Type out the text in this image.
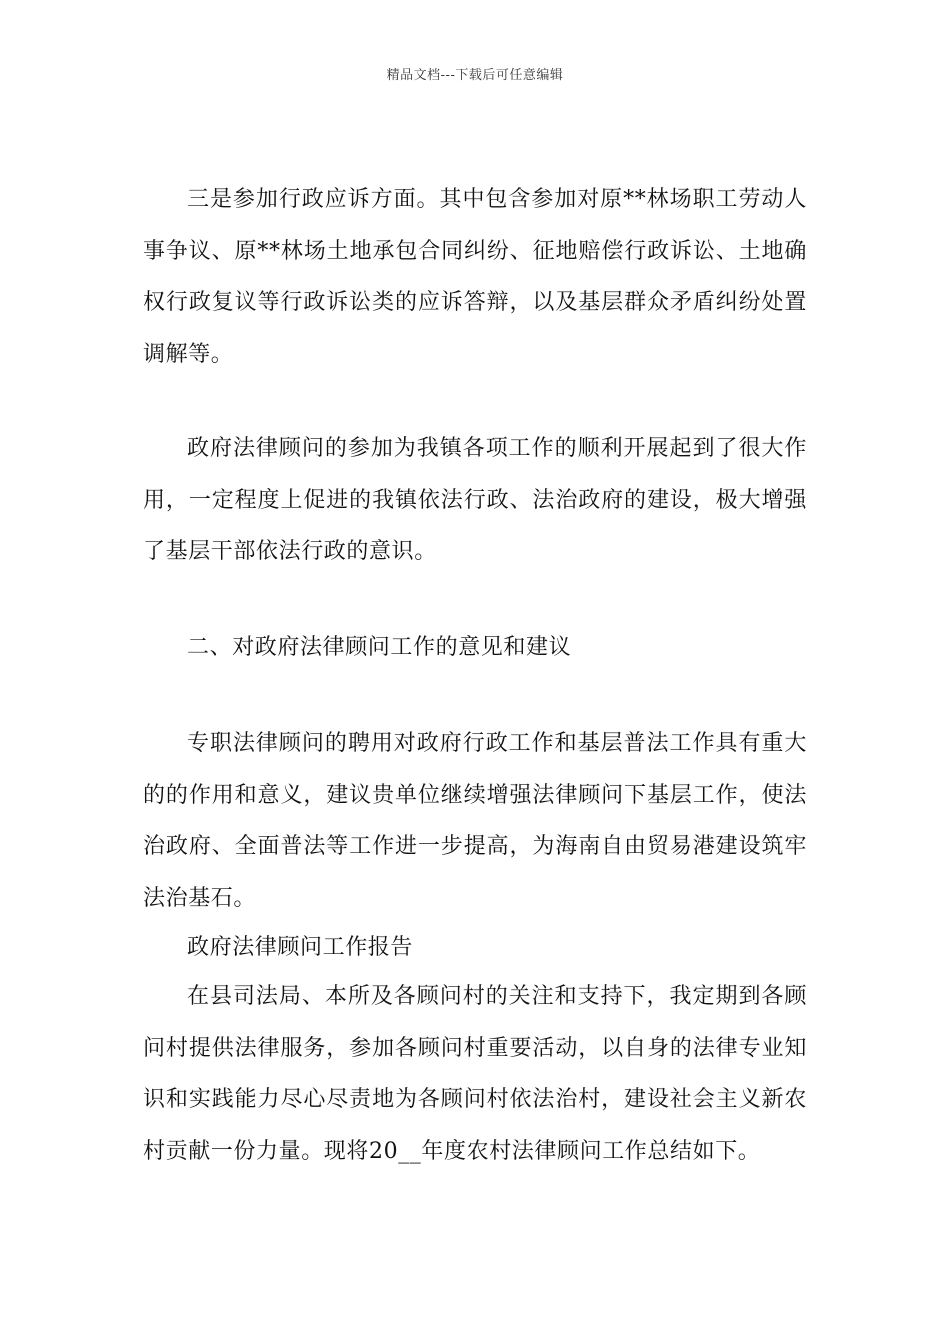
精品文档---下载后可任意编辑

三是参加行政应诉方面。其中包含参加对原**林场职工劳动人事争议、原**林场土地承包合同纠纷、征地赔偿行政诉讼、土地确权行政复议等行政诉讼类的应诉答辩，以及基层群众矛盾纠纷处置调解等。

政府法律顾问的参加为我镇各项工作的顺利开展起到了很大作用，一定程度上促进的我镇依法行政、法治政府的建设，极大增强了基层干部依法行政的意识。

二、对政府法律顾问工作的意见和建议

专职法律顾问的聘用对政府行政工作和基层普法工作具有重大的的作用和意义，建议贵单位继续增强法律顾问下基层工作，使法治政府、全面普法等工作进一步提高，为海南自由贸易港建设筑牢法治基石。

政府法律顾问工作报告

在县司法局、本所及各顾问村的关注和支持下，我定期到各顾问村提供法律服务，参加各顾问村重要活动，以自身的法律专业知识和实践能力尽心尽责地为各顾问村依法治村，建设社会主义新农村贡献一份力量。现将20__年度农村法律顾问工作总结如下。
